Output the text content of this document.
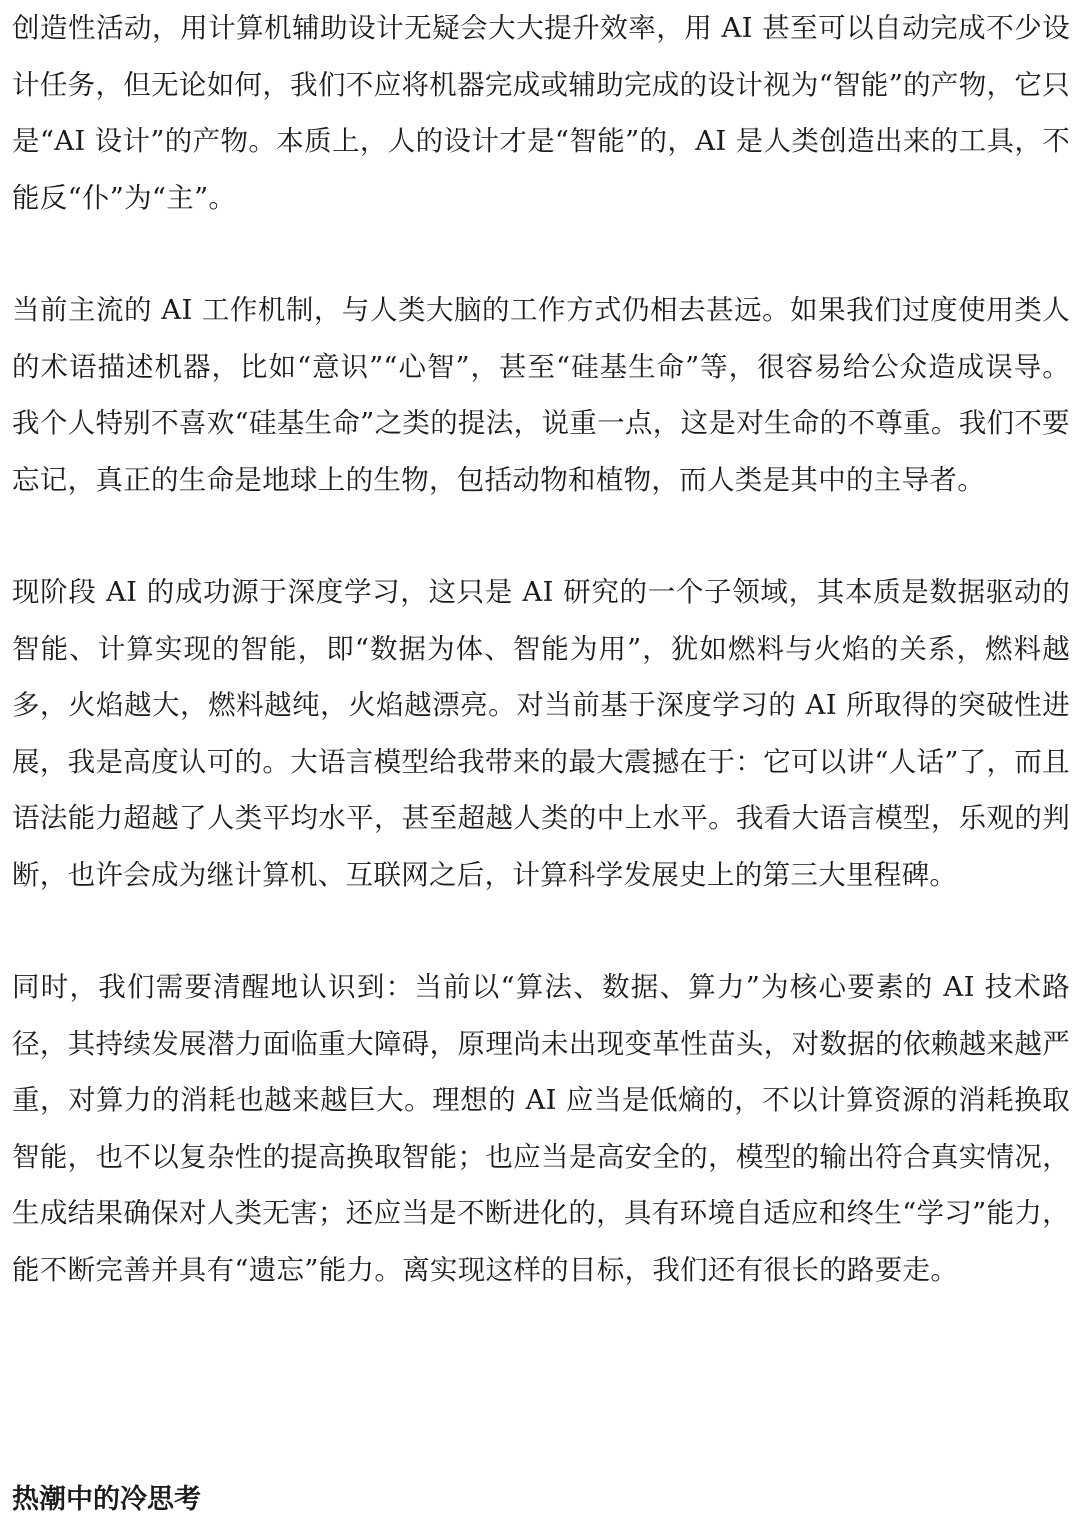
创造性活动，用计算机辅助设计无疑会大大提升效率，用 AI 甚至可以自动完成不少设计任务，但无论如何，我们不应将机器完成或辅助完成的设计视为“智能”的产物，它只是“AI 设计”的产物。本质上，人的设计才是“智能”的，AI 是人类创造出来的工具，不能反“仆”为“主”。

当前主流的 AI 工作机制，与人类大脑的工作方式仍相去甚远。如果我们过度使用类人的术语描述机器，比如“意识”“心智”，甚至“硅基生命”等，很容易给公众造成误导。我个人特别不喜欢“硅基生命”之类的提法，说重一点，这是对生命的不尊重。我们不要忘记，真正的生命是地球上的生物，包括动物和植物，而人类是其中的主导者。

现阶段 AI 的成功源于深度学习，这只是 AI 研究的一个子领域，其本质是数据驱动的智能、计算实现的智能，即“数据为体、智能为用”，犹如燃料与火焰的关系，燃料越多，火焰越大，燃料越纯，火焰越漂亮。对当前基于深度学习的 AI 所取得的突破性进展，我是高度认可的。大语言模型给我带来的最大震撼在于：它可以讲“人话”了，而且语法能力超越了人类平均水平，甚至超越人类的中上水平。我看大语言模型，乐观的判断，也许会成为继计算机、互联网之后，计算科学发展史上的第三大里程碑。

同时，我们需要清醒地认识到：当前以“算法、数据、算力”为核心要素的 AI 技术路径，其持续发展潜力面临重大障碍，原理尚未出现变革性苗头，对数据的依赖越来越严重，对算力的消耗也越来越巨大。理想的 AI 应当是低熵的，不以计算资源的消耗换取智能，也不以复杂性的提高换取智能；也应当是高安全的，模型的输出符合真实情况，生成结果确保对人类无害；还应当是不断进化的，具有环境自适应和终生“学习”能力，能不断完善并具有“遗忘”能力。离实现这样的目标，我们还有很长的路要走。

热潮中的冷思考
